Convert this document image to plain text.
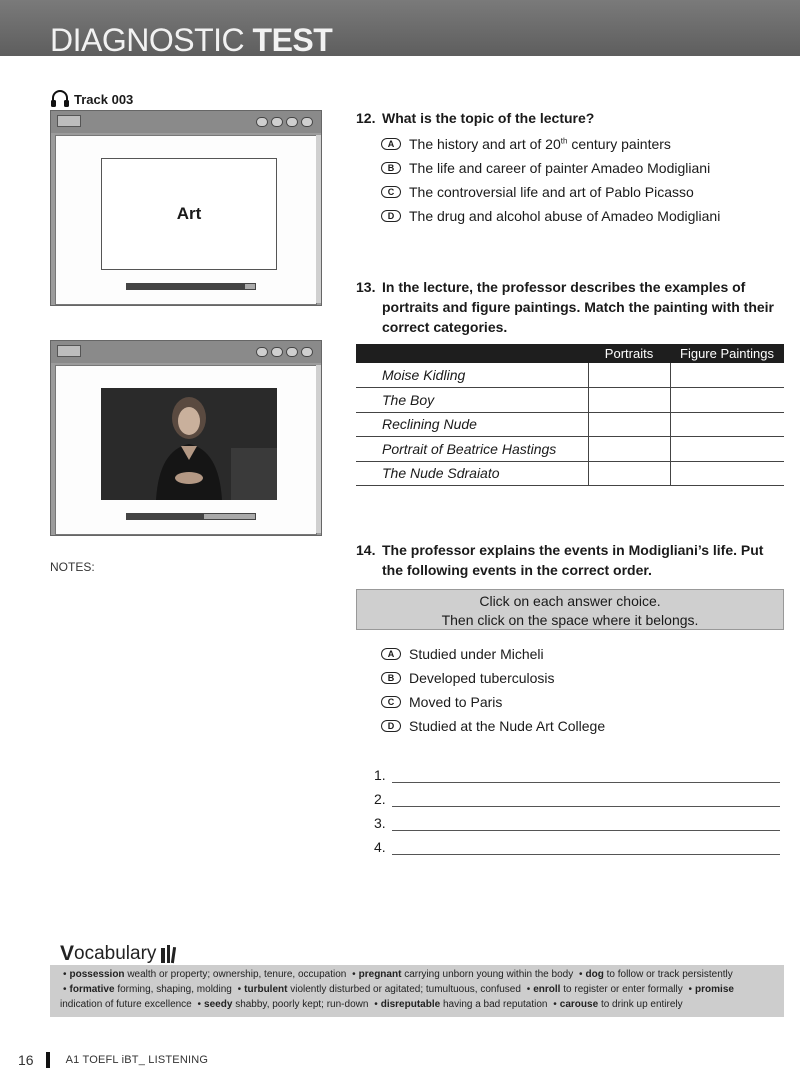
DIAGNOSTIC TEST
Track 003
Art
NOTES:
12. What is the topic of the lecture?
A	The history and art of 20th century painters
B	The life and career of painter Amadeo Modigliani
C	The controversial life and art of Pablo Picasso
D	The drug and alcohol abuse of Amadeo Modigliani
13. In the lecture, the professor describes the examples of portraits and figure paintings. Match the painting with their correct categories.
	Portraits	Figure Paintings
Moise Kidling		
The Boy		
Reclining Nude		
Portrait of Beatrice Hastings		
The Nude Sdraiato		
14. The professor explains the events in Modigliani’s life. Put the following events in the correct order.
Click on each answer choice.
Then click on the space where it belongs.
A	Studied under Micheli
B	Developed tuberculosis
C	Moved to Paris
D	Studied at the Nude Art College
1.
2.
3.
4.
V ocabulary
• possession wealth or property; ownership, tenure, occupation • pregnant carrying unborn young within the body • dog to follow or track persistently • formative forming, shaping, molding • turbulent violently disturbed or agitated; tumultuous, confused • enroll to register or enter formally • promise indication of future excellence • seedy shabby, poorly kept; run-down • disreputable having a bad reputation • carouse to drink up entirely
16	A1 TOEFL iBT_ LISTENING
